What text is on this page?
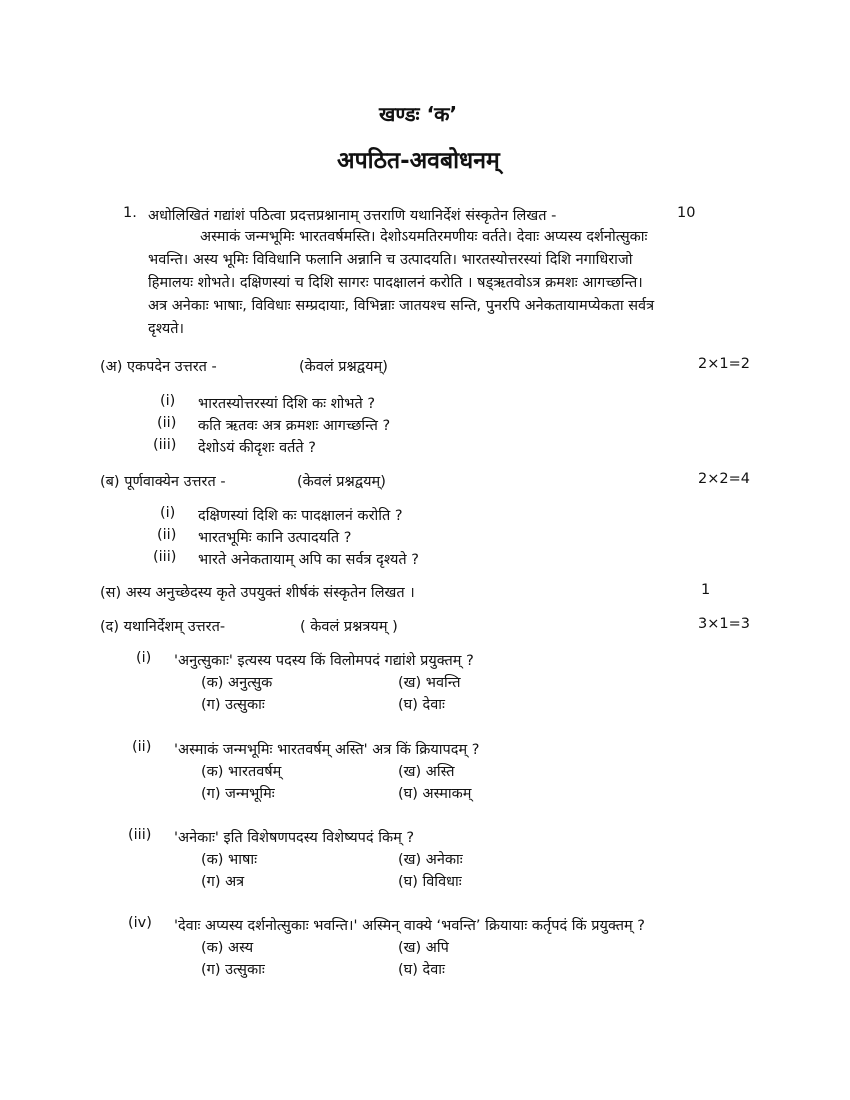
खण्डः ‘क’
अपठित-अवबोधनम्
1. अधोलिखितं गद्यांशं पठित्वा प्रदत्तप्रश्नानाम् उत्तराणि यथानिर्देशं संस्कृतेन लिखत -	10
अस्माकं जन्मभूमिः भारतवर्षमस्ति। देशोऽयमतिरमणीयः वर्तते। देवाः अप्यस्य दर्शनोत्सुकाः
भवन्ति। अस्य भूमिः विविधानि फलानि अन्नानि च उत्पादयति। भारतस्योत्तरस्यां दिशि नगाधिराजो
हिमालयः शोभते। दक्षिणस्यां च दिशि सागरः पादक्षालनं करोति । षड्ऋतवोऽत्र क्रमशः आगच्छन्ति।
अत्र अनेकाः भाषाः, विविधाः सम्प्रदायाः, विभिन्नाः जातयश्च सन्ति, पुनरपि अनेकतायामप्येकता सर्वत्र
दृश्यते।
(अ) एकपदेन उत्तरत -	(केवलं प्रश्नद्वयम्)	2×1=2
(i) भारतस्योत्तरस्यां दिशि कः शोभते ?
(ii) कति ऋतवः अत्र क्रमशः आगच्छन्ति ?
(iii) देशोऽयं कीदृशः वर्तते ?
(ब) पूर्णवाक्येन उत्तरत -	(केवलं प्रश्नद्वयम्)	2×2=4
(i) दक्षिणस्यां दिशि कः पादक्षालनं करोति ?
(ii) भारतभूमिः कानि उत्पादयति ?
(iii) भारते अनेकतायाम् अपि का सर्वत्र दृश्यते ?
(स) अस्य अनुच्छेदस्य कृते उपयुक्तं शीर्षकं संस्कृतेन लिखत ।	1
(द) यथानिर्देशम् उत्तरत-	( केवलं प्रश्नत्रयम् )	3×1=3
(i) 'अनुत्सुकाः' इत्यस्य पदस्य किं विलोमपदं गद्यांशे प्रयुक्तम् ?
(क) अनुत्सुक	(ख) भवन्ति
(ग) उत्सुकाः	(घ) देवाः
(ii) 'अस्माकं जन्मभूमिः भारतवर्षम् अस्ति' अत्र किं क्रियापदम् ?
(क) भारतवर्षम्	(ख) अस्ति
(ग) जन्मभूमिः	(घ) अस्माकम्
(iii) 'अनेकाः' इति विशेषणपदस्य विशेष्यपदं किम् ?
(क) भाषाः	(ख) अनेकाः
(ग) अत्र	(घ) विविधाः
(iv) 'देवाः अप्यस्य दर्शनोत्सुकाः भवन्ति।' अस्मिन् वाक्ये ‘भवन्ति’ क्रियायाः कर्तृपदं किं प्रयुक्तम् ?
(क) अस्य	(ख) अपि
(ग) उत्सुकाः	(घ) देवाः
